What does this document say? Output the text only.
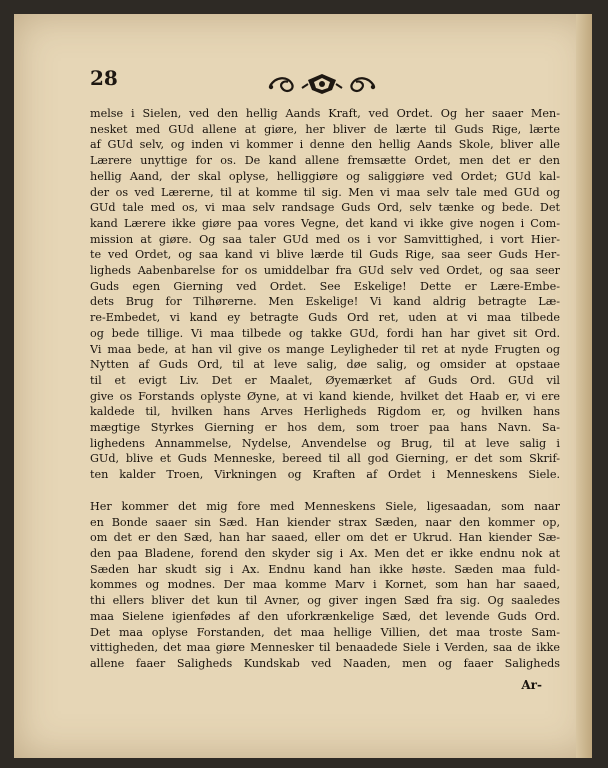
28
melse i Sielen, ved den hellig Aands Kraft, ved Ordet. Og her saaer Men-
nesket med GUd allene at giøre, her bliver de lærte til Guds Rige, lærte
af GUd selv, og inden vi kommer i denne den hellig Aands Skole, bliver alle
Lærere unyttige for os. De kand allene fremsætte Ordet, men det er den
hellig Aand, der skal oplyse, helliggiøre og saliggiøre ved Ordet; GUd kal-
der os ved Lærerne, til at komme til sig. Men vi maa selv tale med GUd og
GUd tale med os, vi maa selv randsage Guds Ord, selv tænke og bede. Det
kand Lærere ikke giøre paa vores Vegne, det kand vi ikke give nogen i Com-
mission at giøre. Og saa taler GUd med os i vor Samvittighed, i vort Hier-
te ved Ordet, og saa kand vi blive lærde til Guds Rige, saa seer Guds Her-
ligheds Aabenbarelse for os umiddelbar fra GUd selv ved Ordet, og saa seer
Guds egen Gierning ved Ordet. See Eskelige! Dette er Lære-Embe-
dets Brug for Tilhørerne. Men Eskelige! Vi kand aldrig betragte Læ-
re-Embedet, vi kand ey betragte Guds Ord ret, uden at vi maa tilbede
og bede tillige. Vi maa tilbede og takke GUd, fordi han har givet sit Ord.
Vi maa bede, at han vil give os mange Leyligheder til ret at nyde Frugten og
Nytten af Guds Ord, til at leve salig, døe salig, og omsider at opstaae
til et evigt Liv. Det er Maalet, Øyemærket af Guds Ord. GUd vil
give os Forstands oplyste Øyne, at vi kand kiende, hvilket det Haab er, vi ere
kaldede til, hvilken hans Arves Herligheds Rigdom er, og hvilken hans
mægtige Styrkes Gierning er hos dem, som troer paa hans Navn. Sa-
lighedens Annammelse, Nydelse, Anvendelse og Brug, til at leve salig i
GUd, blive et Guds Menneske, bereed til all god Gierning, er det som Skrif-
ten kalder Troen, Virkningen og Kraften af Ordet i Menneskens Siele.
Her kommer det mig fore med Menneskens Siele, ligesaadan, som naar
en Bonde saaer sin Sæd. Han kiender strax Sæden, naar den kommer op,
om det er den Sæd, han har saaed, eller om det er Ukrud. Han kiender Sæ-
den paa Bladene, forend den skyder sig i Ax. Men det er ikke endnu nok at
Sæden har skudt sig i Ax. Endnu kand han ikke høste. Sæden maa fuld-
kommes og modnes. Der maa komme Marv i Kornet, som han har saaed,
thi ellers bliver det kun til Avner, og giver ingen Sæd fra sig. Og saaledes
maa Sielene igienfødes af den uforkrænkelige Sæd, det levende Guds Ord.
Det maa oplyse Forstanden, det maa hellige Villien, det maa troste Sam-
vittigheden, det maa giøre Mennesker til benaadede Siele i Verden, saa de ikke
allene faaer Saligheds Kundskab ved Naaden, men og faaer Saligheds
Ar-
